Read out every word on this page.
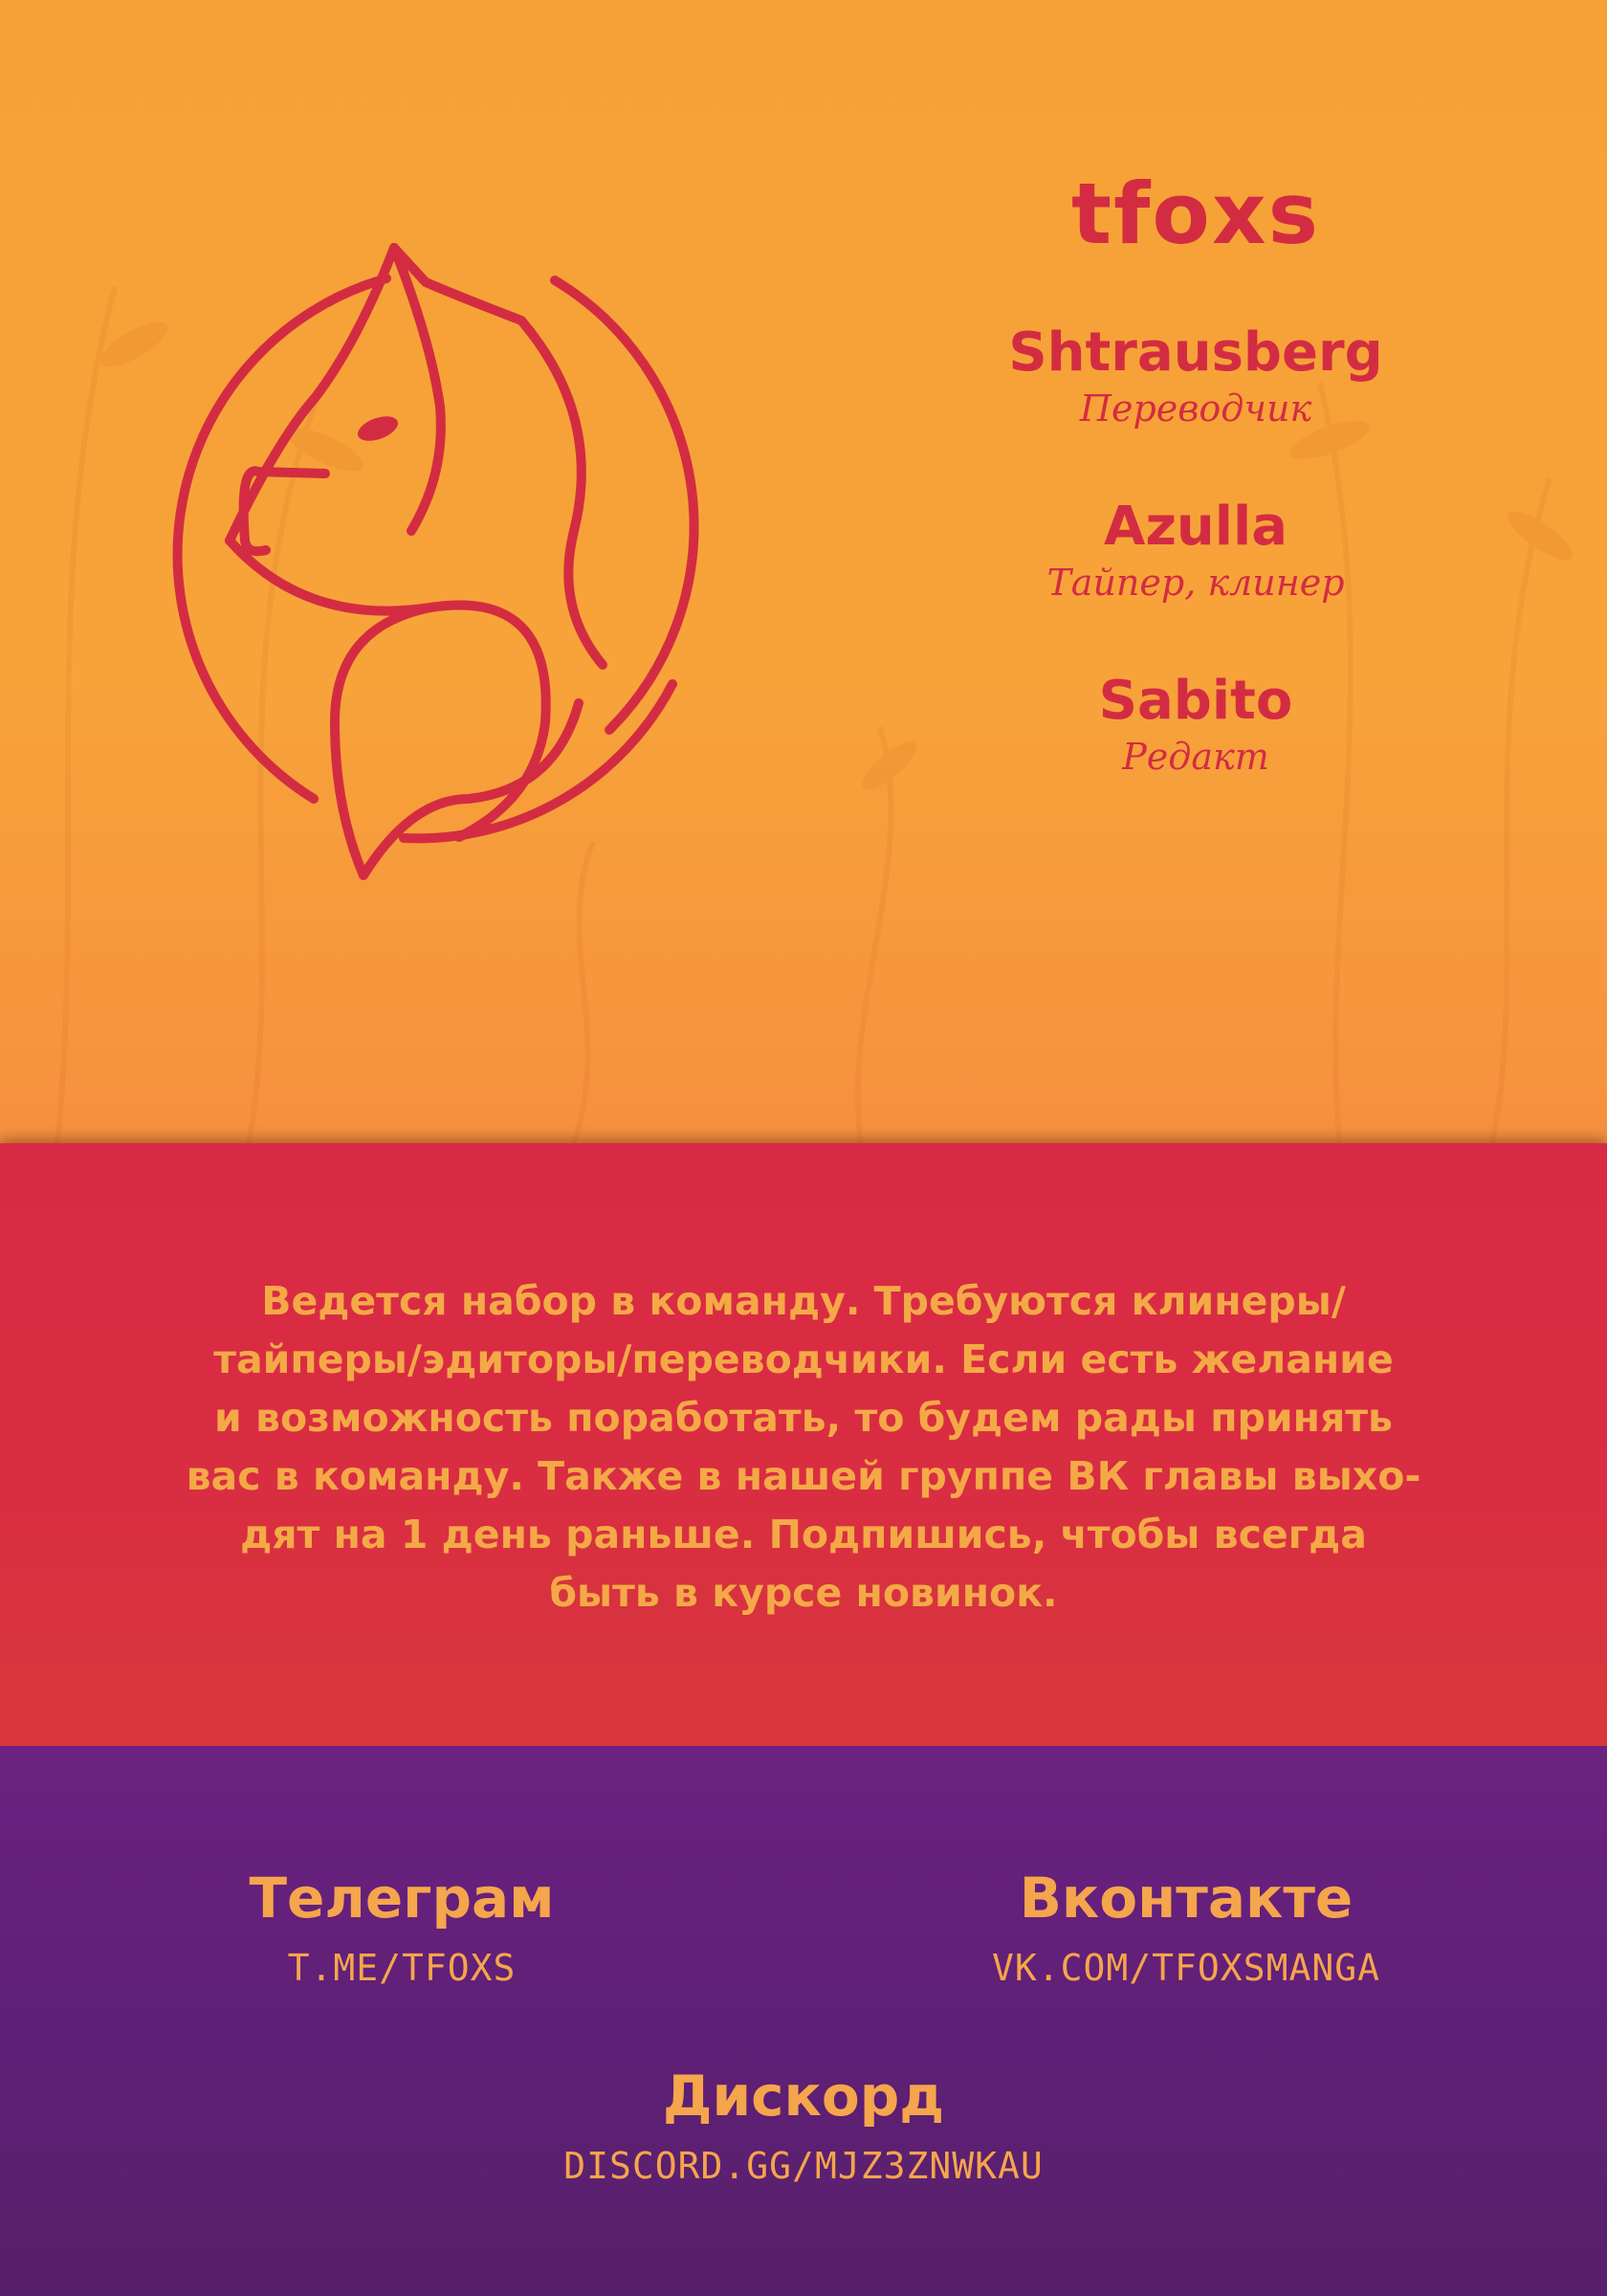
tfoxs
Shtrausberg
Переводчик
Azulla
Тайпер, клинер
Sabito
Редакт
Ведется набор в команду. Требуются клинеры/
тайперы/эдиторы/переводчики. Если есть желание
и возможность поработать, то будем рады принять
вас в команду. Также в нашей группе ВК главы выхо-
дят на 1 день раньше. Подпишись, чтобы всегда
быть в курсе новинок.
Телеграм
T.ME/TFOXS
Вконтакте
VK.COM/TFOXSMANGA
Дискорд
DISCORD.GG/MJZ3ZNWKAU
